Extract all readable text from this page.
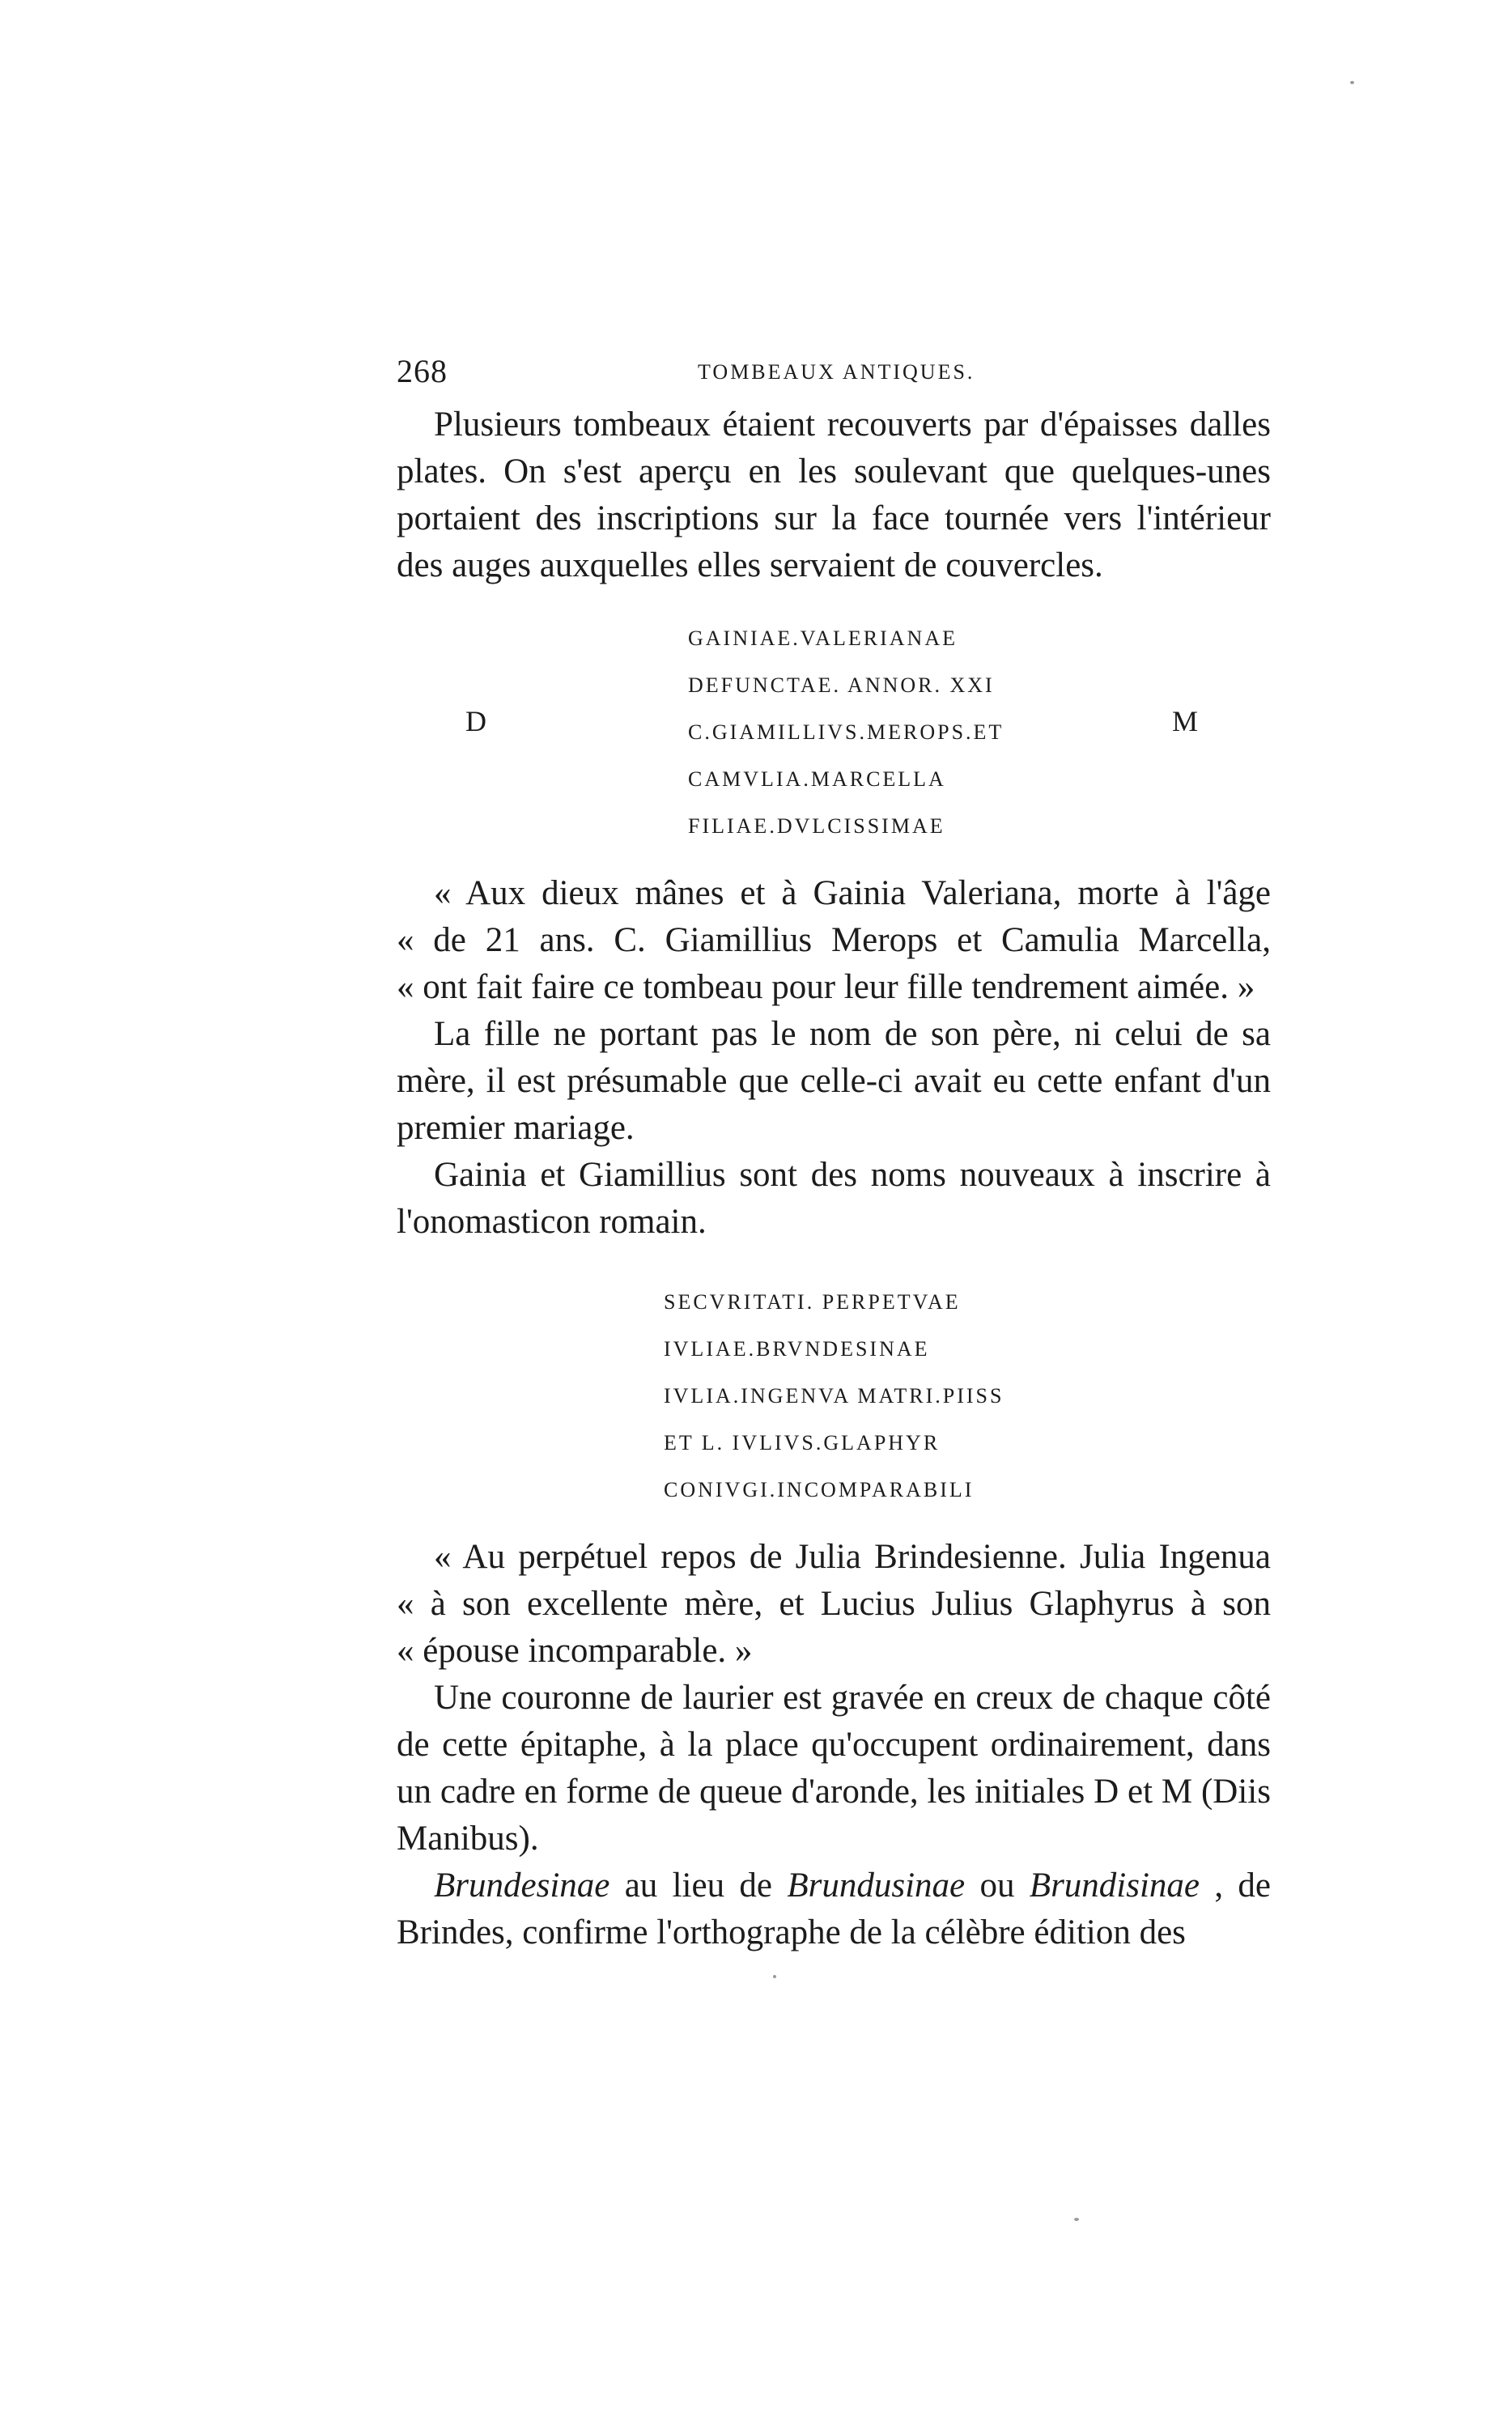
268	TOMBEAUX ANTIQUES.

Plusieurs tombeaux étaient recouverts par d'épaisses dalles plates. On s'est aperçu en les soulevant que quelques-unes portaient des inscriptions sur la face tournée vers l'intérieur des auges auxquelles elles servaient de couvercles.

D	M
GAINIAE.VALERIANAE
DEFUNCTAE. ANNOR. XXI
C.GIAMILLIVS.MEROPS.ET
CAMVLIA.MARCELLA
FILIAE.DVLCISSIMAE
« Aux dieux mânes et à Gainia Valeriana, morte à l'âge
« de 21 ans. C. Giamillius Merops et Camulia Marcella,
« ont fait faire ce tombeau pour leur fille tendrement aimée. »

La fille ne portant pas le nom de son père, ni celui de sa mère, il est présumable que celle-ci avait eu cette enfant d'un premier mariage.

Gainia et Giamillius sont des noms nouveaux à inscrire à l'onomasticon romain.

SECVRITATI. PERPETVAE
IVLIAE.BRVNDESINAE
IVLIA.INGENVA MATRI.PIISS
ET L. IVLIVS.GLAPHYR
CONIVGI.INCOMPARABILI
« Au perpétuel repos de Julia Brindesienne. Julia Ingenua
« à son excellente mère, et Lucius Julius Glaphyrus à son
« épouse incomparable. »

Une couronne de laurier est gravée en creux de chaque côté de cette épitaphe, à la place qu'occupent ordinairement, dans un cadre en forme de queue d'aronde, les initiales D et M (Diis Manibus).

Brundesinae au lieu de Brundusinae ou Brundisinae , de Brindes, confirme l'orthographe de la célèbre édition des
